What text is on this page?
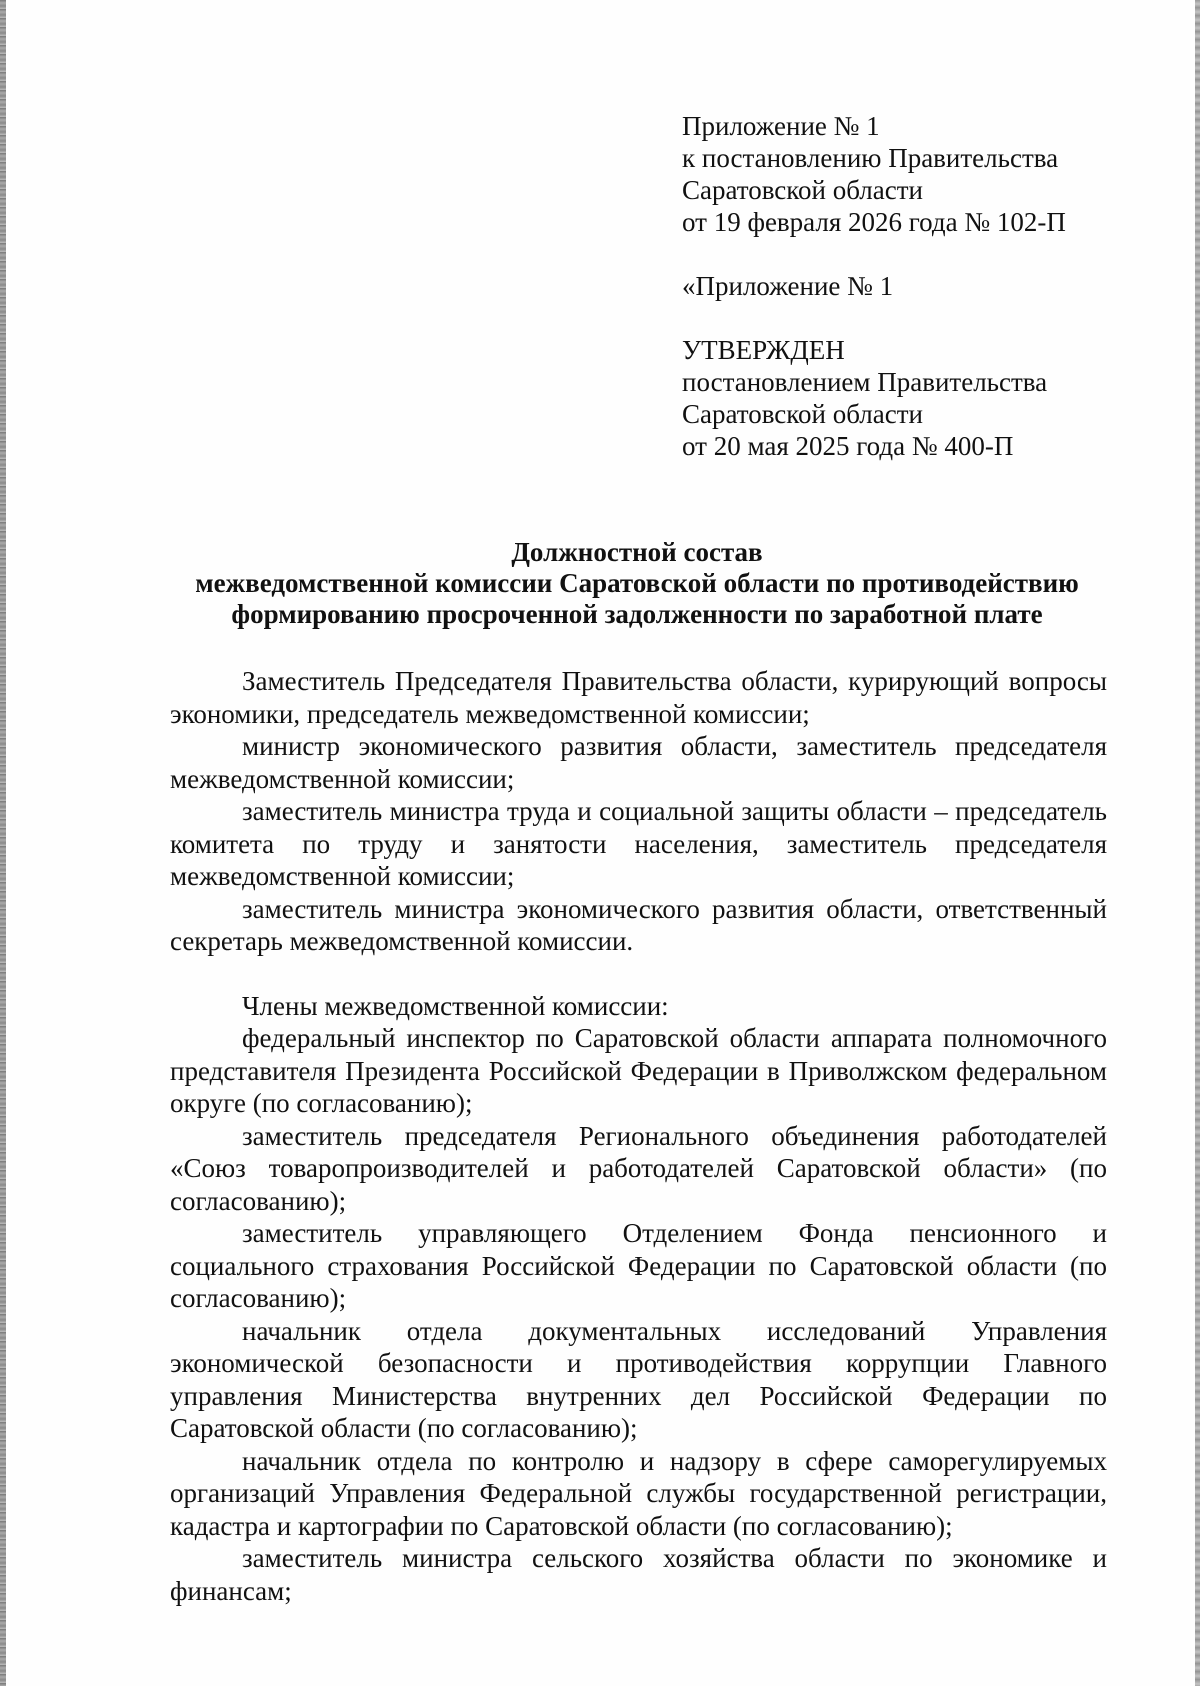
Приложение № 1
к постановлению Правительства
Саратовской области
от 19 февраля 2026 года № 102-П
«Приложение № 1
УТВЕРЖДЕН
постановлением Правительства
Саратовской области
от 20 мая 2025 года № 400-П
Должностной состав
межведомственной комиссии Саратовской области по противодействию
формированию просроченной задолженности по заработной плате

Заместитель Председателя Правительства области, курирующий вопросы экономики, председатель межведомственной комиссии;

министр экономического развития области, заместитель председателя межведомственной комиссии;

заместитель министра труда и социальной защиты области – председатель комитета по труду и занятости населения, заместитель председателя межведомственной комиссии;

заместитель министра экономического развития области, ответственный секретарь межведомственной комиссии.

Члены межведомственной комиссии:

федеральный инспектор по Саратовской области аппарата полномочного представителя Президента Российской Федерации в Приволжском федеральном округе (по согласованию);

заместитель председателя Регионального объединения работодателей «Союз товаропроизводителей и работодателей Саратовской области» (по согласованию);

заместитель управляющего Отделением Фонда пенсионного и социального страхования Российской Федерации по Саратовской области (по согласованию);

начальник отдела документальных исследований Управления экономической безопасности и противодействия коррупции Главного управления Министерства внутренних дел Российской Федерации по Саратовской области (по согласованию);

начальник отдела по контролю и надзору в сфере саморегулируемых организаций Управления Федеральной службы государственной регистрации, кадастра и картографии по Саратовской области (по согласованию);

заместитель министра сельского хозяйства области по экономике и финансам;
